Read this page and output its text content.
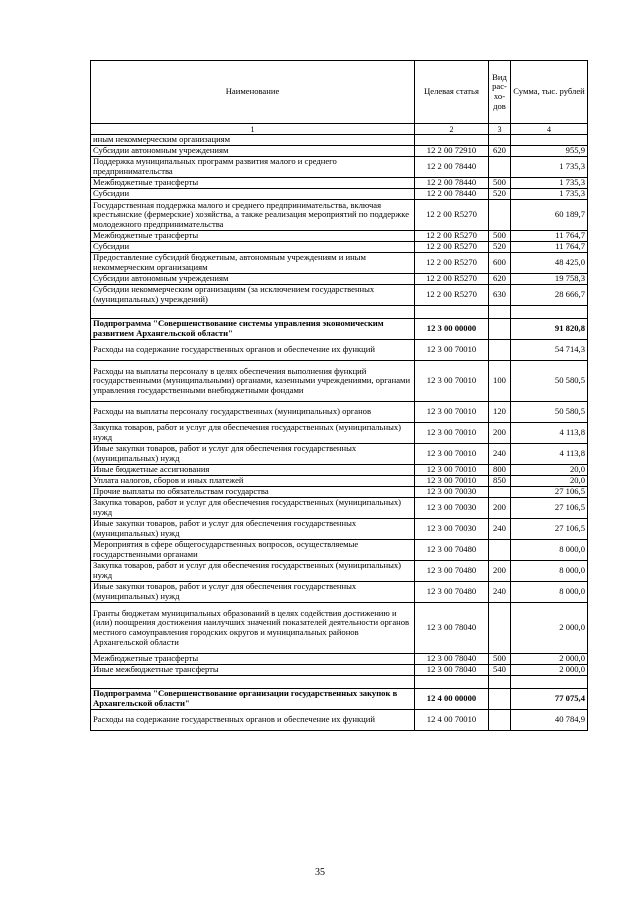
Наименование	Целевая статья	Вид рас-хо-дов	Сумма, тыс. рублей
1	2	3	4
иным некоммерческим организациям			
Субсидии автономным учреждениям	12 2 00 72910	620	955,9
Поддержка муниципальных программ развития малого и среднего предпринимательства	12 2 00 78440		1 735,3
Межбюджетные трансферты	12 2 00 78440	500	1 735,3
Субсидии	12 2 00 78440	520	1 735,3
Государственная поддержка малого и среднего предпринимательства, включая крестьянские (фермерские) хозяйства, а также реализация мероприятий по поддержке молодежного предпринимательства	12 2 00 R5270		60 189,7
Межбюджетные трансферты	12 2 00 R5270	500	11 764,7
Субсидии	12 2 00 R5270	520	11 764,7
Предоставление субсидий бюджетным, автономным учреждениям и иным некоммерческим организациям	12 2 00 R5270	600	48 425,0
Субсидии автономным учреждениям	12 2 00 R5270	620	19 758,3
Субсидии некоммерческим организациям (за исключением государственных (муниципальных) учреждений)	12 2 00 R5270	630	28 666,7

Подпрограмма "Совершенствование системы управления экономическим развитием Архангельской области"	12 3 00 00000		91 820,8
Расходы на содержание государственных органов и обеспечение их функций	12 3 00 70010		54 714,3
Расходы на выплаты персоналу в целях обеспечения выполнения функций государственными (муниципальными) органами, казенными учреждениями, органами управления государственными внебюджетными фондами	12 3 00 70010	100	50 580,5
Расходы на выплаты персоналу государственных (муниципальных) органов	12 3 00 70010	120	50 580,5
Закупка товаров, работ и услуг для обеспечения государственных (муниципальных) нужд	12 3 00 70010	200	4 113,8
Иные закупки товаров, работ и услуг для обеспечения государственных (муниципальных) нужд	12 3 00 70010	240	4 113,8
Иные бюджетные ассигнования	12 3 00 70010	800	20,0
Уплата налогов, сборов и иных платежей	12 3 00 70010	850	20,0
Прочие выплаты по обязательствам государства	12 3 00 70030		27 106,5
Закупка товаров, работ и услуг для обеспечения государственных (муниципальных) нужд	12 3 00 70030	200	27 106,5
Иные закупки товаров, работ и услуг для обеспечения государственных (муниципальных) нужд	12 3 00 70030	240	27 106,5
Мероприятия в сфере общегосударственных вопросов, осуществляемые государственными органами	12 3 00 70480		8 000,0
Закупка товаров, работ и услуг для обеспечения государственных (муниципальных) нужд	12 3 00 70480	200	8 000,0
Иные закупки товаров, работ и услуг для обеспечения государственных (муниципальных) нужд	12 3 00 70480	240	8 000,0
Гранты бюджетам муниципальных образований в целях содействия достижению и (или) поощрения достижения наилучших значений показателей деятельности органов местного самоуправления городских округов и муниципальных районов Архангельской области	12 3 00 78040		2 000,0
Межбюджетные трансферты	12 3 00 78040	500	2 000,0
Иные межбюджетные трансферты	12 3 00 78040	540	2 000,0

Подпрограмма "Совершенствование организации государственных закупок в Архангельской области"	12 4 00 00000		77 075,4
Расходы на содержание государственных органов и обеспечение их функций	12 4 00 70010		40 784,9
35
